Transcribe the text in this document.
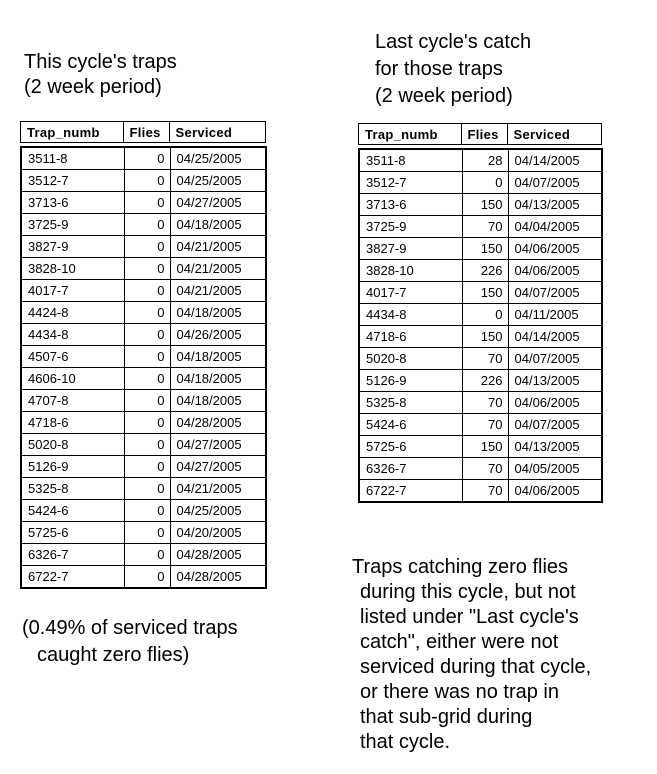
This cycle's traps
(2 week period)
Last cycle's catch
for those traps
(2 week period)
Trap_numb	Flies	Serviced
3511-8	0	04/25/2005
3512-7	0	04/25/2005
3713-6	0	04/27/2005
3725-9	0	04/18/2005
3827-9	0	04/21/2005
3828-10	0	04/21/2005
4017-7	0	04/21/2005
4424-8	0	04/18/2005
4434-8	0	04/26/2005
4507-6	0	04/18/2005
4606-10	0	04/18/2005
4707-8	0	04/18/2005
4718-6	0	04/28/2005
5020-8	0	04/27/2005
5126-9	0	04/27/2005
5325-8	0	04/21/2005
5424-6	0	04/25/2005
5725-6	0	04/20/2005
6326-7	0	04/28/2005
6722-7	0	04/28/2005
Trap_numb	Flies	Serviced
3511-8	28	04/14/2005
3512-7	0	04/07/2005
3713-6	150	04/13/2005
3725-9	70	04/04/2005
3827-9	150	04/06/2005
3828-10	226	04/06/2005
4017-7	150	04/07/2005
4434-8	0	04/11/2005
4718-6	150	04/14/2005
5020-8	70	04/07/2005
5126-9	226	04/13/2005
5325-8	70	04/06/2005
5424-6	70	04/07/2005
5725-6	150	04/13/2005
6326-7	70	04/05/2005
6722-7	70	04/06/2005
(0.49% of serviced traps
caught zero flies)
Traps catching zero flies
during this cycle, but not
listed under "Last cycle's
catch", either were not
serviced during that cycle,
or there was no trap in
that sub-grid during
that cycle.
